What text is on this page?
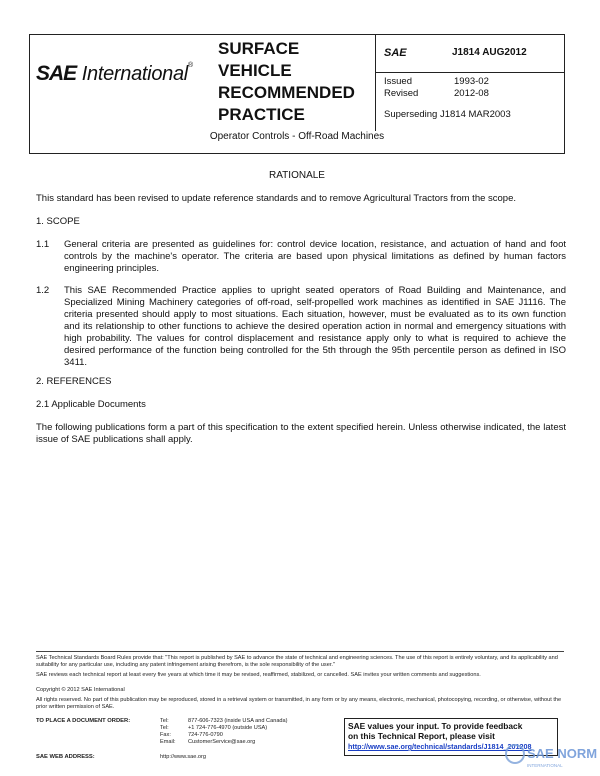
SAE International®
SURFACE
VEHICLE
RECOMMENDED
PRACTICE
SAE	J1814 AUG2012
Issued	1993-02
Revised	2012-08
Superseding J1814 MAR2003
Operator Controls - Off-Road Machines
RATIONALE
This standard has been revised to update reference standards and to remove Agricultural Tractors from the scope.
1. SCOPE
1.1 General criteria are presented as guidelines for: control device location, resistance, and actuation of hand and foot controls by the machine's operator. The criteria are based upon physical limitations as defined by human factors engineering principles.
1.2 This SAE Recommended Practice applies to upright seated operators of Road Building and Maintenance, and Specialized Mining Machinery categories of off-road, self-propelled work machines as identified in SAE J1116. The criteria presented should apply to most situations. Each situation, however, must be evaluated as to its own function and its relationship to other functions to achieve the desired operation action in normal and emergency situations with high probability. The values for control displacement and resistance apply only to what is required to achieve the desired performance of the function being controlled for the 5th through the 95th percentile person as defined in ISO 3411.
2. REFERENCES
2.1 Applicable Documents
The following publications form a part of this specification to the extent specified herein. Unless otherwise indicated, the latest issue of SAE publications shall apply.
SAE Technical Standards Board Rules provide that: "This report is published by SAE to advance the state of technical and engineering sciences. The use of this report is entirely voluntary, and its applicability and suitability for any particular use, including any patent infringement arising therefrom, is the sole responsibility of the user."
SAE reviews each technical report at least every five years at which time it may be revised, reaffirmed, stabilized, or cancelled. SAE invites your written comments and suggestions.
Copyright © 2012 SAE International
All rights reserved. No part of this publication may be reproduced, stored in a retrieval system or transmitted, in any form or by any means, electronic, mechanical, photocopying, recording, or otherwise, without the prior written permission of SAE.
TO PLACE A DOCUMENT ORDER:	Tel:	877-606-7323 (inside USA and Canada)
Tel:	+1 724-776-4970 (outside USA)
Fax:	724-776-0790
Email: CustomerService@sae.org
SAE WEB ADDRESS:	http://www.sae.org
SAE values your input. To provide feedback
on this Technical Report, please visit
http://www.sae.org/technical/standards/J1814_201208
SAE NORM
INTERNATIONAL
